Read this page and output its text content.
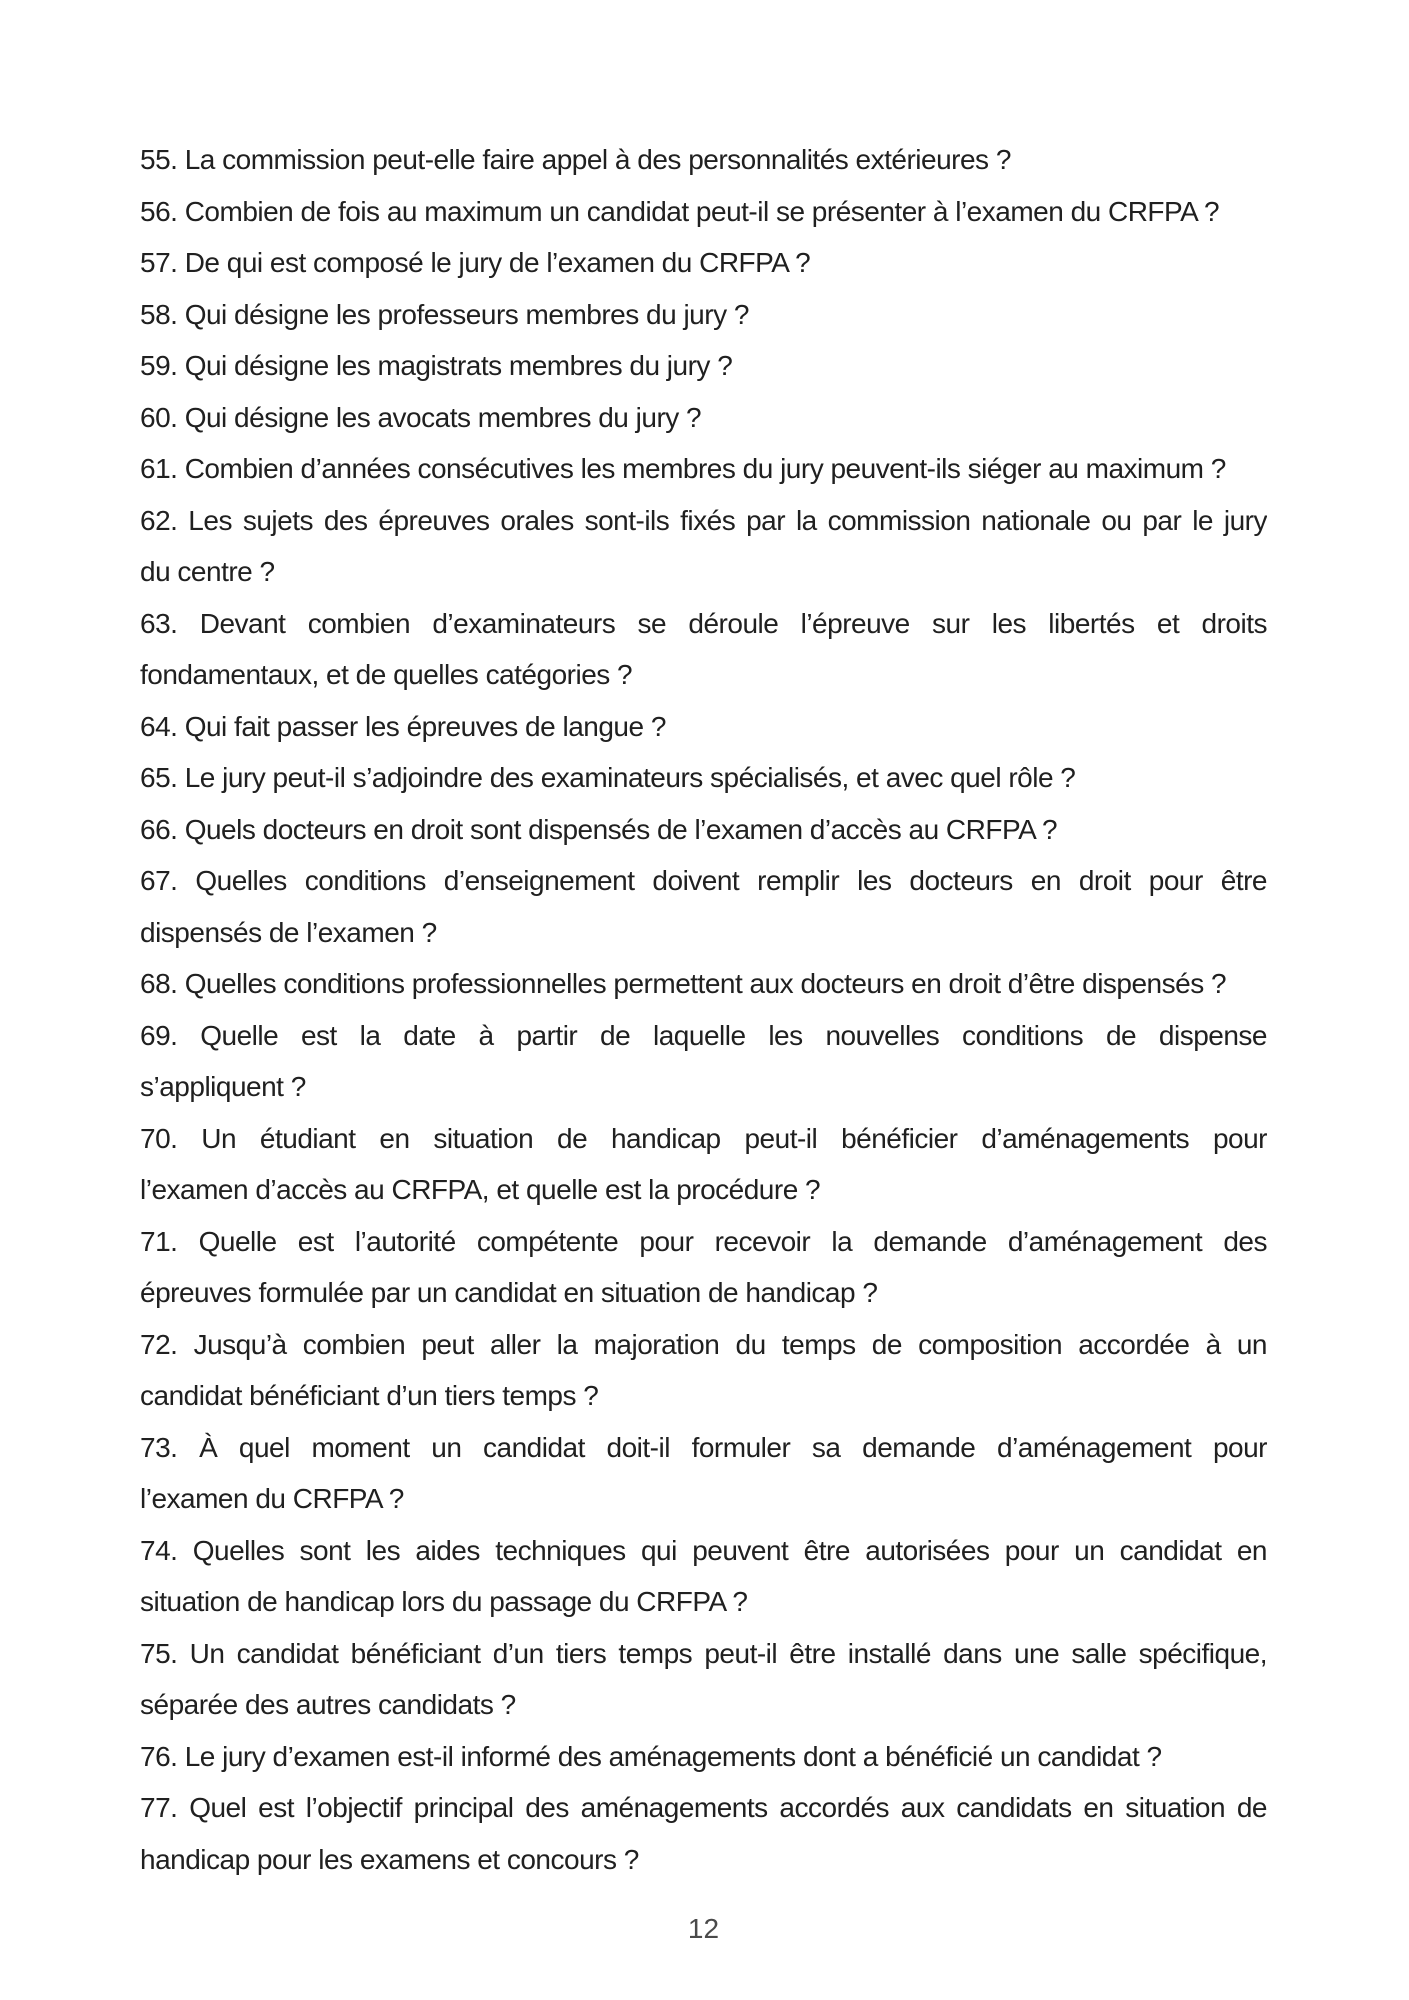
55. La commission peut-elle faire appel à des personnalités extérieures ?

56. Combien de fois au maximum un candidat peut-il se présenter à l’examen du CRFPA ?

57. De qui est composé le jury de l’examen du CRFPA ?

58. Qui désigne les professeurs membres du jury ?

59. Qui désigne les magistrats membres du jury ?

60. Qui désigne les avocats membres du jury ?

61. Combien d’années consécutives les membres du jury peuvent-ils siéger au maximum ?

62. Les sujets des épreuves orales sont-ils fixés par la commission nationale ou par le jury

du centre ?

63. Devant combien d’examinateurs se déroule l’épreuve sur les libertés et droits

fondamentaux, et de quelles catégories ?

64. Qui fait passer les épreuves de langue ?

65. Le jury peut-il s’adjoindre des examinateurs spécialisés, et avec quel rôle ?

66. Quels docteurs en droit sont dispensés de l’examen d’accès au CRFPA ?

67. Quelles conditions d’enseignement doivent remplir les docteurs en droit pour être

dispensés de l’examen ?

68. Quelles conditions professionnelles permettent aux docteurs en droit d’être dispensés ?

69. Quelle est la date à partir de laquelle les nouvelles conditions de dispense

s’appliquent ?

70. Un étudiant en situation de handicap peut-il bénéficier d’aménagements pour

l’examen d’accès au CRFPA, et quelle est la procédure ?

71. Quelle est l’autorité compétente pour recevoir la demande d’aménagement des

épreuves formulée par un candidat en situation de handicap ?

72. Jusqu’à combien peut aller la majoration du temps de composition accordée à un

candidat bénéficiant d’un tiers temps ?

73. À quel moment un candidat doit-il formuler sa demande d’aménagement pour

l’examen du CRFPA ?

74. Quelles sont les aides techniques qui peuvent être autorisées pour un candidat en

situation de handicap lors du passage du CRFPA ?

75. Un candidat bénéficiant d’un tiers temps peut-il être installé dans une salle spécifique,

séparée des autres candidats ?

76. Le jury d’examen est-il informé des aménagements dont a bénéficié un candidat ?

77. Quel est l’objectif principal des aménagements accordés aux candidats en situation de

handicap pour les examens et concours ?

12
